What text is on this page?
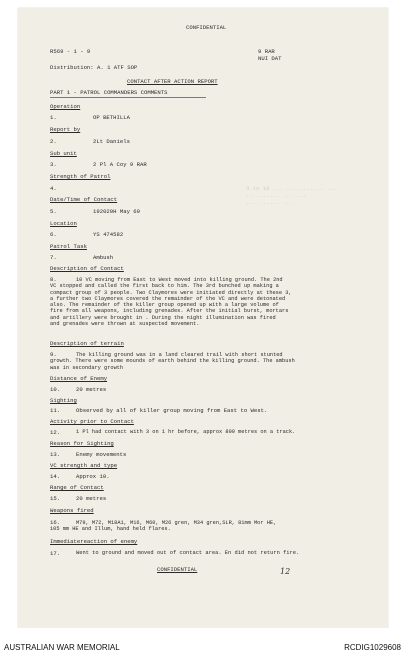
CONFIDENTIAL
R569 - 1 - 9	9 RAR
NUI DAT
Distribution: A. 1 ATF SOP
CONTACT AFTER ACTION REPORT
PART 1 - PATROL COMMANDERS COMMENTS
Operation
1.	OP BETHILLA
Report by
2.	2Lt Daniels
Sub unit
3.	2 Pl A Coy 9 RAR
Strength of Patrol
4.
Date/Time of Contact
5.	192020H May 69
Location
6.	YS 474582
Patrol Task
7.	Ambush
3 to 10 ... ........... ...
.. ....... ... ...
... ...... ...
Description of Contact
8.	10 VC moving from East to West moved into killing ground. The 2nd
VC stopped and called the first back to him. The 3rd bunched up making a
compact group of 3 people. Two Claymores were initiated directly at these 3,
a further two Claymores covered the remainder of the VC and were detonated
also. The remainder of the killer group opened up with a large volume of
fire from all weapons, including grenades. After the initial burst, mortars
and artillery were brought in . During the night illumination was fired
and grenades were thrown at suspected movement.
Description of terrain
9.	The killing ground was in a land cleared trail with short stunted
growth. There were some mounds of earth behind the killing ground. The ambush
was in secondary growth
Distance of Enemy
10.	20 metres
Sighting
11.	Observed by all of killer group moving from East to West.
Activity prior to Contact
12.	1 Pl had contact with 3 on 1 hr before, approx 800 metres on a track.
Reason for Sighting
13.	Enemy movements
VC strength and type
14.	Approx 10.
Range of Contact
15.	20 metres
Weapons fired
16.	M79, M72, M18A1, M16, M60, M26 gren, M34 gren,SLR, 81mm Mor HE,
105 mm HE and Illum, hand held flares.
Immediatereaction of enemy
17.	Went to ground and moved out of contact area. En did not return fire.
CONFIDENTIAL	12
AUSTRALIAN WAR MEMORIAL	RCDIG1029608
